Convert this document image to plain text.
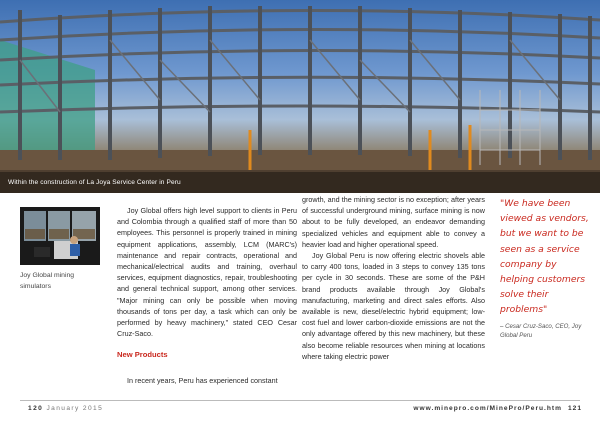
Within the construction of La Joya Service Center in Peru
Joy Global mining simulators

Joy Global offers high level support to clients in Peru and Colombia through a qualified staff of more than 50 employees. This personnel is properly trained in mining equipment applications, assembly, LCM (MARC's) maintenance and repair contracts, operational and mechanical/electrical audits and training, overhaul services, equipment diagnostics, repair, troubleshooting and general technical support, among other services. "Major mining can only be possible when moving thousands of tons per day, a task which can only be performed by heavy machinery," stated CEO Cesar Cruz-Saco.

New Products

In recent years, Peru has experienced constant

growth, and the mining sector is no exception; after years of successful underground mining, surface mining is now about to be fully developed, an endeavor demanding specialized vehicles and equipment able to convey a heavier load and higher operational speed.

Joy Global Peru is now offering electric shovels able to carry 400 tons, loaded in 3 steps to convey 135 tons per cycle in 30 seconds. These are some of the P&H brand products available through Joy Global's manufacturing, marketing and direct sales efforts. Also available is new, diesel/electric hybrid equipment; low-cost fuel and lower carbon-dioxide emissions are not the only advantage offered by this new machinery, but these also become reliable resources when mining at locations where taking electric power

"We have been viewed as vendors, but we want to be seen as a service company by helping customers solve their problems"

– Cesar Cruz-Saco, CEO, Joy Global Peru

120 January 2015	www.minepro.com/MinePro/Peru.htm 121
